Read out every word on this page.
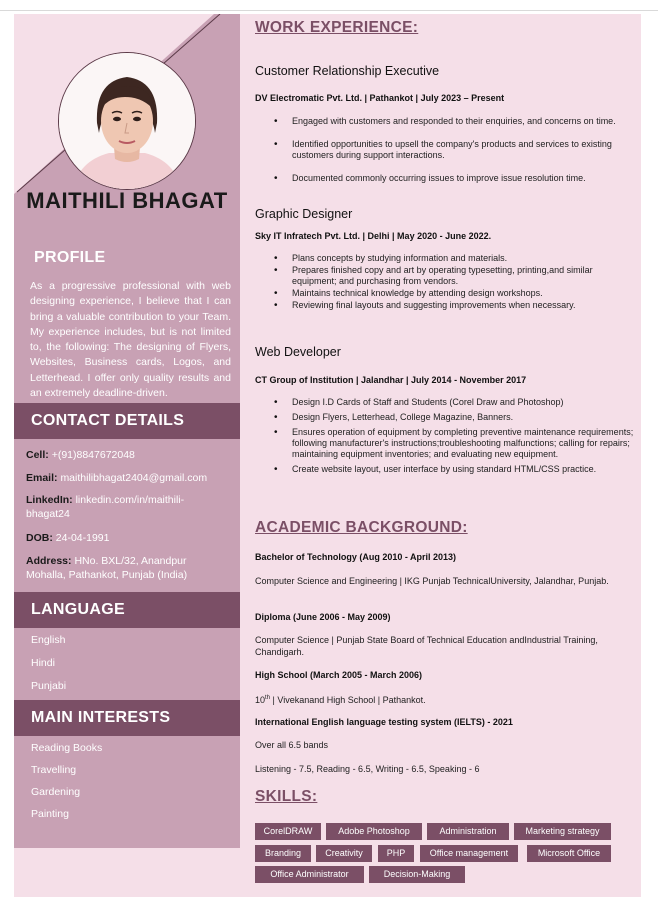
MAITHILI BHAGAT
PROFILE
As a progressive professional with web designing experience, I believe that I can bring a valuable contribution to your Team. My experience includes, but is not limited to, the following: The designing of Flyers, Websites, Business cards, Logos, and Letterhead. I offer only quality results and an extremely deadline-driven.
CONTACT DETAILS
Cell: +(91)8847672048
Email: maithilibhagat2404@gmail.com
LinkedIn: linkedin.com/in/maithili-bhagat24
DOB: 24-04-1991
Address: HNo. BXL/32, Anandpur Mohalla, Pathankot, Punjab (India)
LANGUAGE
English
Hindi
Punjabi
MAIN INTERESTS
Reading Books
Travelling
Gardening
Painting
WORK EXPERIENCE:
Customer Relationship Executive
DV Electromatic Pvt. Ltd. | Pathankot | July 2023 – Present
• Engaged with customers and responded to their enquiries, and concerns on time.
• Identified opportunities to upsell the company's products and services to existing customers during support interactions.
• Documented commonly occurring issues to improve issue resolution time.
Graphic Designer
Sky IT Infratech Pvt. Ltd. | Delhi | May 2020 - June 2022.
• Plans concepts by studying information and materials.
• Prepares finished copy and art by operating typesetting, printing,and similar equipment; and purchasing from vendors.
• Maintains technical knowledge by attending design workshops.
• Reviewing final layouts and suggesting improvements when necessary.
Web Developer
CT Group of Institution | Jalandhar | July 2014 - November 2017
• Design I.D Cards of Staff and Students (Corel Draw and Photoshop)
• Design Flyers, Letterhead, College Magazine, Banners.
• Ensures operation of equipment by completing preventive maintenance requirements; following manufacturer's instructions;troubleshooting malfunctions; calling for repairs; maintaining equipment inventories; and evaluating new equipment.
• Create website layout, user interface by using standard HTML/CSS practice.
ACADEMIC BACKGROUND:
Bachelor of Technology (Aug 2010 - April 2013)
Computer Science and Engineering | IKG Punjab TechnicalUniversity, Jalandhar, Punjab.
Diploma (June 2006 - May 2009)
Computer Science | Punjab State Board of Technical Education andIndustrial Training, Chandigarh.
High School (March 2005 - March 2006)
10th | Vivekanand High School | Pathankot.
International English language testing system (IELTS) - 2021
Over all 6.5 bands
Listening - 7.5, Reading - 6.5, Writing - 6.5, Speaking - 6
SKILLS:
CorelDRAW	Adobe Photoshop	Administration	Marketing strategy
Branding	Creativity	PHP	Office management	Microsoft Office
Office Administrator	Decision-Making
